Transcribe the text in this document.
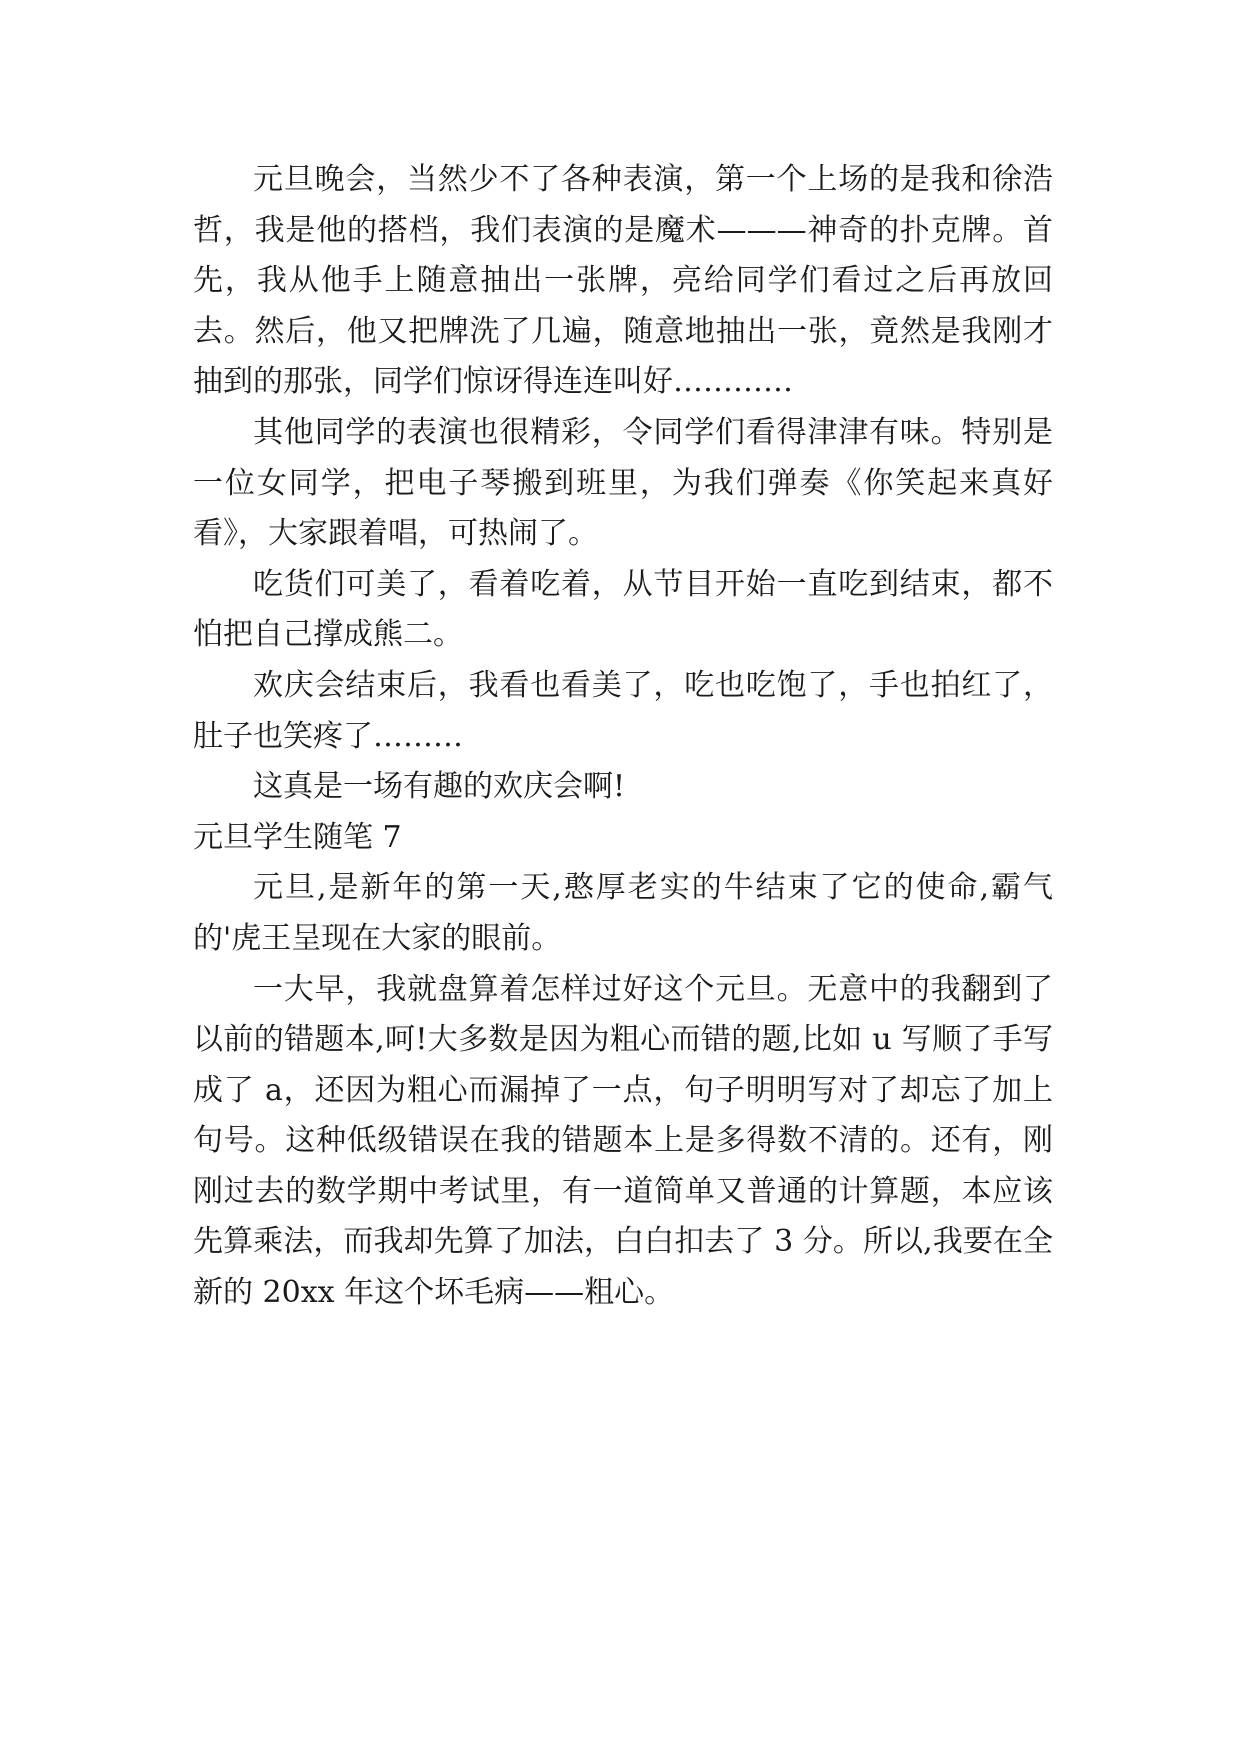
元旦晚会，当然少不了各种表演，第一个上场的是我和徐浩哲，我是他的搭档，我们表演的是魔术———神奇的扑克牌。首先，我从他手上随意抽出一张牌，亮给同学们看过之后再放回去。然后，他又把牌洗了几遍，随意地抽出一张，竟然是我刚才抽到的那张，同学们惊讶得连连叫好…………

其他同学的表演也很精彩，令同学们看得津津有味。特别是一位女同学，把电子琴搬到班里，为我们弹奏《你笑起来真好看》，大家跟着唱，可热闹了。

吃货们可美了，看着吃着，从节目开始一直吃到结束，都不怕把自己撑成熊二。

欢庆会结束后，我看也看美了，吃也吃饱了，手也拍红了，肚子也笑疼了………

这真是一场有趣的欢庆会啊!

元旦学生随笔 7

元旦,是新年的第一天,憨厚老实的牛结束了它的使命,霸气的'虎王呈现在大家的眼前。

一大早，我就盘算着怎样过好这个元旦。无意中的我翻到了以前的错题本,呵!大多数是因为粗心而错的题,比如 u 写顺了手写成了 a，还因为粗心而漏掉了一点，句子明明写对了却忘了加上句号。这种低级错误在我的错题本上是多得数不清的。还有，刚刚过去的数学期中考试里，有一道简单又普通的计算题，本应该先算乘法，而我却先算了加法，白白扣去了 3 分。所以,我要在全新的 20xx 年这个坏毛病——粗心。
